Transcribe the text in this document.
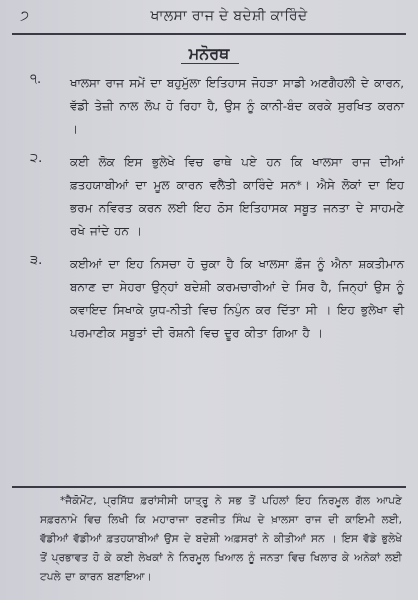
੭	ਖਾਲਸਾ ਰਾਜ ਦੇ ਬਦੇਸ਼ੀ ਕਾਰਿੰਦੇ
ਮਨੋਰਥ
੧. ਖਾਲਸਾ ਰਾਜ ਸਮੇਂ ਦਾ ਬਹੁਮੁੱਲਾ ਇਤਿਹਾਸ ਜੋਹੜਾ ਸਾਡੀ ਅਣਗੈਹਲੀ ਦੇ ਕਾਰਨ, ਵੱਡੀ ਤੇਜ਼ੀ ਨਾਲ ਲੋਪ ਹੋ ਰਿਹਾ ਹੈ, ਉਸ ਨੂੰ ਕਾਨੀ-ਬੰਦ ਕਰਕੇ ਸੁਰਖਿਤ ਕਰਨਾ ।
੨. ਕਈ ਲੋਕ ਇਸ ਭੁਲੇਖੇ ਵਿਚ ਫਾਥੇ ਪਏ ਹਨ ਕਿ ਖਾਲਸਾ ਰਾਜ ਦੀਆਂ ਫ਼ਤਹਯਾਬੀਆਂ ਦਾ ਮੂਲ ਕਾਰਨ ਵਲੈਤੀ ਕਾਰਿੰਦੇ ਸਨ*। ਐਸੇ ਲੋਕਾਂ ਦਾ ਇਹ ਭਰਮ ਨਵਿਰਤ ਕਰਨ ਲਈ ਇਹ ਠੋਸ ਇਤਿਹਾਸਕ ਸਬੂਤ ਜਨਤਾ ਦੇ ਸਾਹਮਣੇ ਰਖੇ ਜਾਂਦੇ ਹਨ ।
੩. ਕਈਆਂ ਦਾ ਇਹ ਨਿਸਚਾ ਹੋ ਚੁਕਾ ਹੈ ਕਿ ਖਾਲਸਾ ਫ਼ੌਜ ਨੂੰ ਐਨਾ ਸ਼ਕਤੀਮਾਨ ਬਨਾਣ ਦਾ ਸੇਹਰਾ ਉਨ੍ਹਾਂ ਬਦੇਸ਼ੀ ਕਰਮਚਾਰੀਆਂ ਦੇ ਸਿਰ ਹੈ, ਜਿਨ੍ਹਾਂ ਉਸ ਨੂੰ ਕਵਾਇਦ ਸਿਖਾਕੇ ਯੁਧ-ਨੀਤੀ ਵਿਚ ਨਿਪੁੰਨ ਕਰ ਦਿੱਤਾ ਸੀ । ਇਹ ਭੁਲੇਖਾ ਵੀ ਪਰਮਾਣੀਕ ਸਬੂਤਾਂ ਦੀ ਰੋਸ਼ਨੀ ਵਿਚ ਦੂਰ ਕੀਤਾ ਗਿਆ ਹੈ ।
*ਜੈਕੋਮੋਂਟ, ਪ੍ਰਸਿੱਧ ਫ਼ਰਾਂਸੀਸੀ ਯਾਤ੍ਰੂ ਨੇ ਸਭ ਤੋਂ ਪਹਿਲਾਂ ਇਹ ਨਿਰਮੂਲ ਗੱਲ ਆਪਣੇ ਸਫ਼ਰਨਾਮੇ ਵਿਚ ਲਿਖੀ ਕਿ ਮਹਾਰਾਜਾ ਰਣਜੀਤ ਸਿੰਘ ਦੇ ਖ਼ਾਲਸਾ ਰਾਜ ਦੀ ਕਾਇਮੀ ਲਈ, ਵੱਡੀਆਂ ਵੱਡੀਆਂ ਫ਼ਤਹਯਾਬੀਆਂ ਉਸ ਦੇ ਬਦੇਸ਼ੀ ਅਫ਼ਸਰਾਂ ਨੇ ਕੀਤੀਆਂ ਸਨ । ਇਸ ਵੱਡੇ ਭੁਲੇਖੇ ਤੋਂ ਪ੍ਰਭਾਵਤ ਹੋ ਕੇ ਕਈ ਲੇਖਕਾਂ ਨੇ ਨਿਰਮੂਲ ਖਿਆਲ ਨੂੰ ਜਨਤਾ ਵਿਚ ਖਿਲਾਰ ਕੇ ਅਨੇਕਾਂ ਲਈ ਟਪਲੇ ਦਾ ਕਾਰਨ ਬਣਾਇਆ।
